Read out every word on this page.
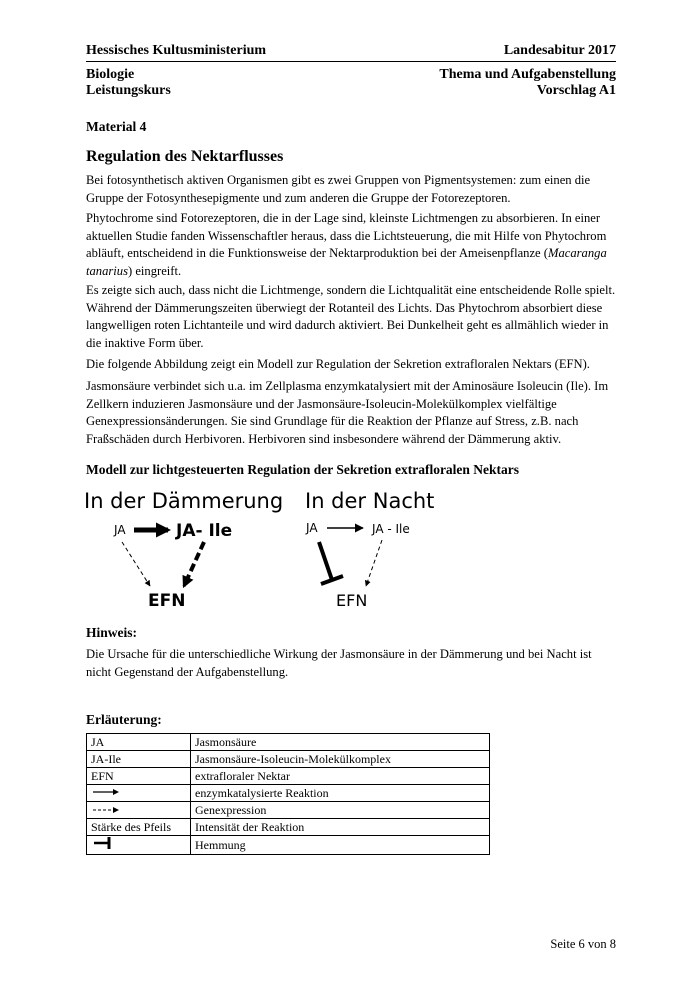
Hessisches Kultusministerium	Landesabitur 2017
Biologie	Thema und Aufgabenstellung
Leistungskurs	Vorschlag A1
Material 4
Regulation des Nektarflusses

Bei fotosynthetisch aktiven Organismen gibt es zwei Gruppen von Pigmentsystemen: zum einen die Gruppe der Fotosynthesepigmente und zum anderen die Gruppe der Fotorezeptoren.

Phytochrome sind Fotorezeptoren, die in der Lage sind, kleinste Lichtmengen zu absorbieren. In einer aktuellen Studie fanden Wissenschaftler heraus, dass die Lichtsteuerung, die mit Hilfe von Phytochrom abläuft, entscheidend in die Funktionsweise der Nektarproduktion bei der Ameisenpflanze (Macaranga tanarius) eingreift.

Es zeigte sich auch, dass nicht die Lichtmenge, sondern die Lichtqualität eine entscheidende Rolle spielt. Während der Dämmerungszeiten überwiegt der Rotanteil des Lichts. Das Phytochrom absorbiert diese langwelligen roten Lichtanteile und wird dadurch aktiviert. Bei Dunkelheit geht es allmählich wieder in die inaktive Form über.

Die folgende Abbildung zeigt ein Modell zur Regulation der Sekretion extrafloralen Nektars (EFN).

Jasmonsäure verbindet sich u.a. im Zellplasma enzymkatalysiert mit der Aminosäure Isoleucin (Ile). Im Zellkern induzieren Jasmonsäure und der Jasmonsäure-Isoleucin-Molekülkomplex vielfältige Genexpressionsänderungen. Sie sind Grundlage für die Reaktion der Pflanze auf Stress, z.B. nach Fraßschäden durch Herbivoren. Herbivoren sind insbesondere während der Dämmerung aktiv.

Modell zur lichtgesteuerten Regulation der Sekretion extrafloralen Nektars
In der Dämmerung
JA	JA- Ile
EFN
In der Nacht
JA	JA - Ile
EFN
Hinweis:

Die Ursache für die unterschiedliche Wirkung der Jasmonsäure in der Dämmerung und bei Nacht ist nicht Gegenstand der Aufgabenstellung.

Erläuterung:
JA	Jasmonsäure
JA-Ile	Jasmonsäure-Isoleucin-Molekülkomplex
EFN	extrafloraler Nektar
	enzymkatalysierte Reaktion
	Genexpression
Stärke des Pfeils	Intensität der Reaktion
	Hemmung
Seite 6 von 8
